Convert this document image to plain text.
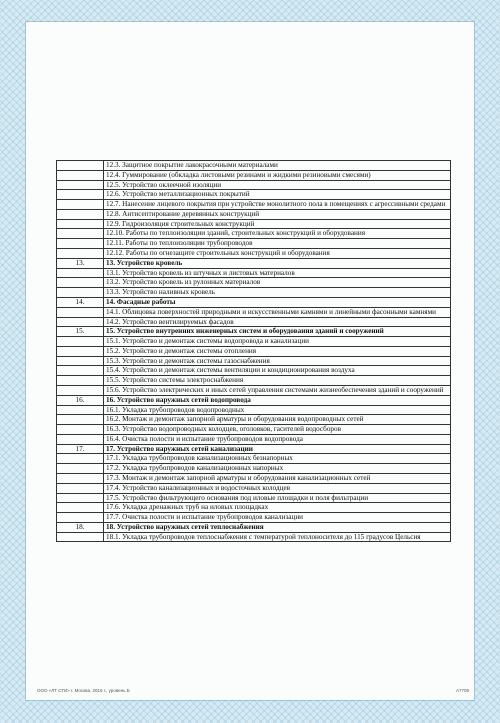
	12.3. Защитное покрытие лакокрасочными материалами
	12.4. Гуммирование (обкладка листовыми резинами и жидкими резиновыми смесями)
	12.5. Устройство оклеечной изоляции
	12.6. Устройство металлизационных покрытий
	12.7. Нанесение лицевого покрытия при устройстве монолитного пола в помещениях с агрессивными средами
	12.8. Антисептирование деревянных конструкций
	12.9. Гидроизоляция строительных конструкций
	12.10. Работы по теплоизоляции зданий, строительных конструкций и оборудования
	12.11. Работы по теплоизоляции трубопроводов
	12.12. Работы по огнезащите строительных конструкций и оборудования
13.	13. Устройство кровель
	13.1. Устройство кровель из штучных и листовых материалов
	13.2. Устройство кровель из рулонных материалов
	13.3. Устройство наливных кровель
14.	14. Фасадные работы
	14.1. Облицовка поверхностей природными и искусственными камнями и линейными фасонными камнями
	14.2. Устройство вентилируемых фасадов
15.	15. Устройство внутренних инженерных систем и оборудования зданий и сооружений
	15.1. Устройство и демонтаж системы водопровода и канализации
	15.2. Устройство и демонтаж системы отопления
	15.3. Устройство и демонтаж системы газоснабжения
	15.4. Устройство и демонтаж системы вентиляции и кондиционирования воздуха
	15.5. Устройство системы электроснабжения
	15.6. Устройство электрических и иных сетей управления системами жизнеобеспечения зданий и сооружений
16.	16. Устройство наружных сетей водопровода
	16.1. Укладка трубопроводов водопроводных
	16.2. Монтаж и демонтаж запорной арматуры и оборудования водопроводных сетей
	16.3. Устройство водопроводных колодцев, оголовков, гасителей водосборов
	16.4. Очистка полости и испытание трубопроводов водопровода
17.	17. Устройство наружных сетей канализации
	17.1. Укладка трубопроводов канализационных безнапорных
	17.2. Укладка трубопроводов канализационных напорных
	17.3. Монтаж и демонтаж запорной арматуры и оборудования канализационных сетей
	17.4. Устройство канализационных и водосточных колодцев
	17.5. Устройство фильтрующего основания под иловые площадки и поля фильтрации
	17.6. Укладка дренажных труб на иловых площадках
	17.7. Очистка полости и испытание трубопроводов канализации
18.	18. Устройство наружных сетей теплоснабжения
	18.1. Укладка трубопроводов теплоснабжения с температурой теплоносителя до 115 градусов Цельсия
ООО «ЛТ СТИ» г. Москва, 2016 г., уровень Б	А7708
